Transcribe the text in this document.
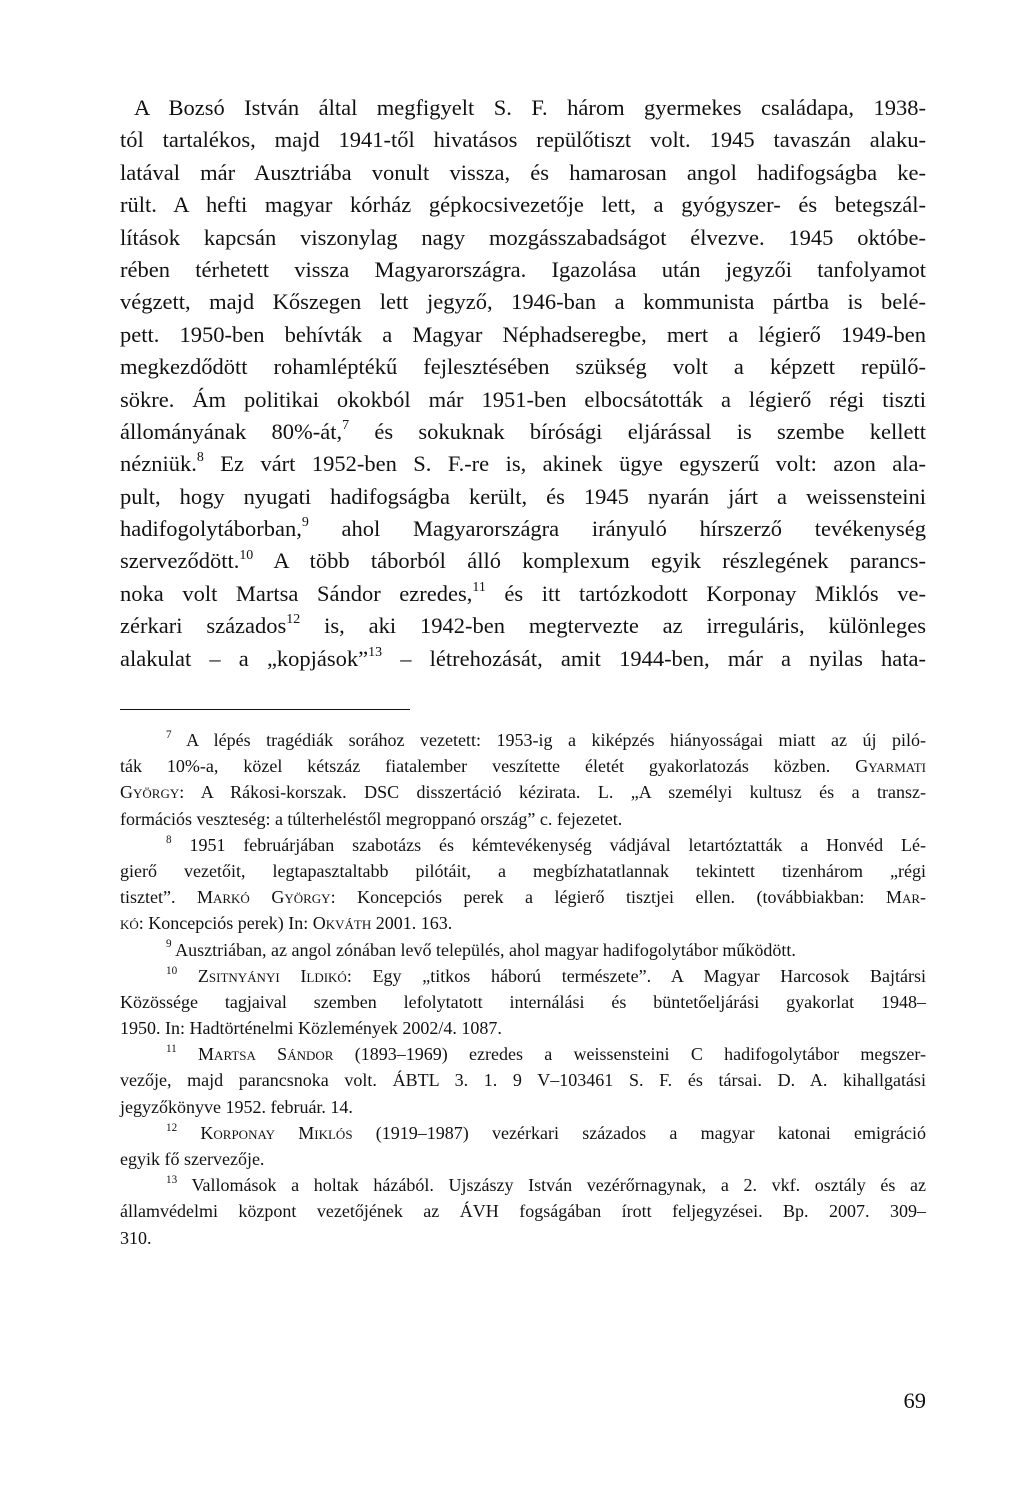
A Bozsó István által megfigyelt S. F. három gyermekes családapa, 1938-
tól tartalékos, majd 1941-től hivatásos repülőtiszt volt. 1945 tavaszán alaku-
latával már Ausztriába vonult vissza, és hamarosan angol hadifogságba ke-
rült. A hefti magyar kórház gépkocsivezetője lett, a gyógyszer- és betegszál-
lítások kapcsán viszonylag nagy mozgásszabadságot élvezve. 1945 októbe-
rében térhetett vissza Magyarországra. Igazolása után jegyzői tanfolyamot
végzett, majd Kőszegen lett jegyző, 1946-ban a kommunista pártba is belé-
pett. 1950-ben behívták a Magyar Néphadseregbe, mert a légierő 1949-ben
megkezdődött rohamléptékű fejlesztésében szükség volt a képzett repülő-
sökre. Ám politikai okokból már 1951-ben elbocsátották a légierő régi tiszti
állományának 80%-át,$^7$ és sokuknak bírósági eljárással is szembe kellett
nézniük.$^8$ Ez várt 1952-ben S. F.-re is, akinek ügye egyszerű volt: azon ala-
pult, hogy nyugati hadifogságba került, és 1945 nyarán járt a weissensteini
hadifogolytáborban,$^9$ ahol Magyarországra irányuló hírszerző tevékenység
szerveződött.$^{10}$ A több táborból álló komplexum egyik részlegének parancs-
noka volt Martsa Sándor ezredes,$^{11}$ és itt tartózkodott Korponay Miklós ve-
zérkari százados$^{12}$ is, aki 1942-ben megtervezte az irreguláris, különleges
alakulat – a „kopjások”$^{13}$ – létrehozását, amit 1944-ben, már a nyilas hata-
$^7$ A lépés tragédiák sorához vezetett: 1953-ig a kiképzés hiányosságai miatt az új piló-
ták 10%-a, közel kétszáz fiatalember veszítette életét gyakorlatozás közben. Gyarmati
György: A Rákosi-korszak. DSC disszertáció kézirata. L. „A személyi kultusz és a transz-
formációs veszteség: a túlterheléstől megroppanó ország” c. fejezetet.
$^8$ 1951 februárjában szabotázs és kémtevékenység vádjával letartóztatták a Honvéd Lé-
gierő vezetőit, legtapasztaltabb pilótáit, a megbízhatatlannak tekintett tizenhárom „régi
tisztet”. Markó György: Koncepciós perek a légierő tisztjei ellen. (továbbiakban: Mar-
kó: Koncepciós perek) In: Okváth 2001. 163.
$^9$ Ausztriában, az angol zónában levő település, ahol magyar hadifogolytábor működött.
$^{10}$ Zsitnyányi Ildikó: Egy „titkos háború természete”. A Magyar Harcosok Bajtársi
Közössége tagjaival szemben lefolytatott internálási és büntetőeljárási gyakorlat 1948–
1950. In: Hadtörténelmi Közlemények 2002/4. 1087.
$^{11}$ Martsa Sándor (1893–1969) ezredes a weissensteini C hadifogolytábor megszer-
vezője, majd parancsnoka volt. ÁBTL 3. 1. 9 V–103461 S. F. és társai. D. A. kihallgatási
jegyzőkönyve 1952. február. 14.
$^{12}$ Korponay Miklós (1919–1987) vezérkari százados a magyar katonai emigráció
egyik fő szervezője.
$^{13}$ Vallomások a holtak házából. Ujszászy István vezérőrnagynak, a 2. vkf. osztály és az
államvédelmi központ vezetőjének az ÁVH fogságában írott feljegyzései. Bp. 2007. 309–
310.
69
